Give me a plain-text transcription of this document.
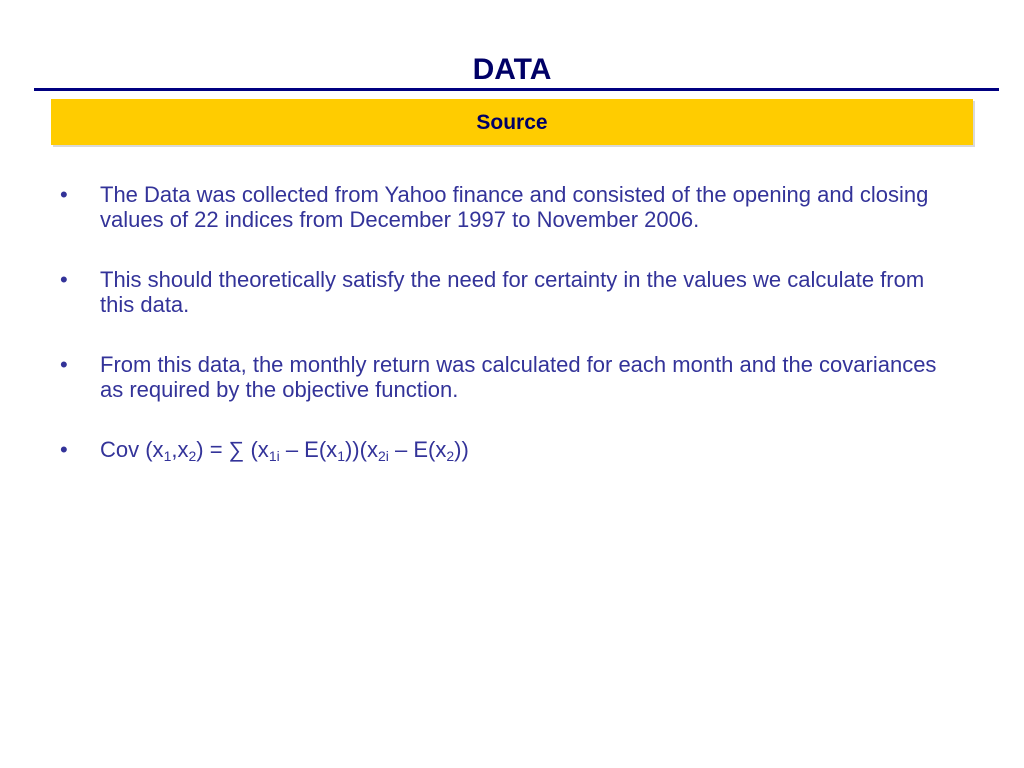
DATA
Source
•	The Data was collected from Yahoo finance and consisted of the opening and closing values of 22 indices from December 1997 to November 2006.
•	This should theoretically satisfy the need for certainty in the values we calculate from this data.
•	From this data, the monthly return was calculated for each month and the covariances as required by the objective function.
•	Cov $(x_1,x_2)$ = ∑ $(x_{1i} - E(x_1))(x_{2i} - E(x_2))$
